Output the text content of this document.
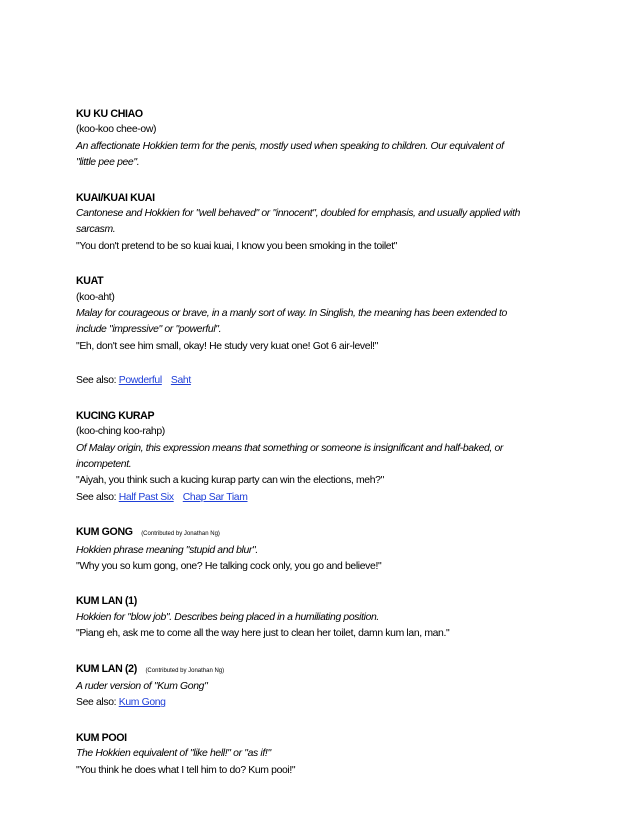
KU KU CHIAO
(koo-koo chee-ow)
An affectionate Hokkien term for the penis, mostly used when speaking to children. Our equivalent of
"little pee pee".
KUAI/KUAI KUAI
Cantonese and Hokkien for "well behaved" or "innocent", doubled for emphasis, and usually applied with
sarcasm.
"You don't pretend to be so kuai kuai, I know you been smoking in the toilet"
KUAT
(koo-aht)
Malay for courageous or brave, in a manly sort of way. In Singlish, the meaning has been extended to
include "impressive" or "powerful".
"Eh, don't see him small, okay! He study very kuat one! Got 6 air-level!"
See also: Powderful Saht
KUCING KURAP
(koo-ching koo-rahp)
Of Malay origin, this expression means that something or someone is insignificant and half-baked, or
incompetent.
"Aiyah, you think such a kucing kurap party can win the elections, meh?"
See also: Half Past Six Chap Sar Tiam
KUM GONG (Contributed by Jonathan Ng)
Hokkien phrase meaning "stupid and blur".
"Why you so kum gong, one? He talking cock only, you go and believe!"
KUM LAN (1)
Hokkien for "blow job". Describes being placed in a humiliating position.
"Piang eh, ask me to come all the way here just to clean her toilet, damn kum lan, man."
KUM LAN (2) (Contributed by Jonathan Ng)
A ruder version of "Kum Gong"
See also: Kum Gong
KUM POOI
The Hokkien equivalent of "like hell!" or "as if!"
"You think he does what I tell him to do? Kum pooi!"
